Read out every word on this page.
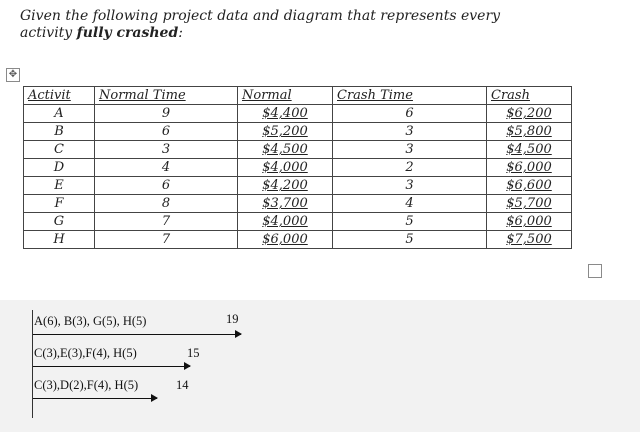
Given the following project data and diagram that represents every
activity fully crashed:
✥
Activit	Normal Time	Normal	Crash Time	Crash
A	9	$4,400	6	$6,200
B	6	$5,200	3	$5,800
C	3	$4,500	3	$4,500
D	4	$4,000	2	$6,000
E	6	$4,200	3	$6,600
F	8	$3,700	4	$5,700
G	7	$4,000	5	$6,000
H	7	$6,000	5	$7,500
A(6), B(3), G(5), H(5)	19
C(3),E(3),F(4), H(5)	15
C(3),D(2),F(4), H(5)	14
